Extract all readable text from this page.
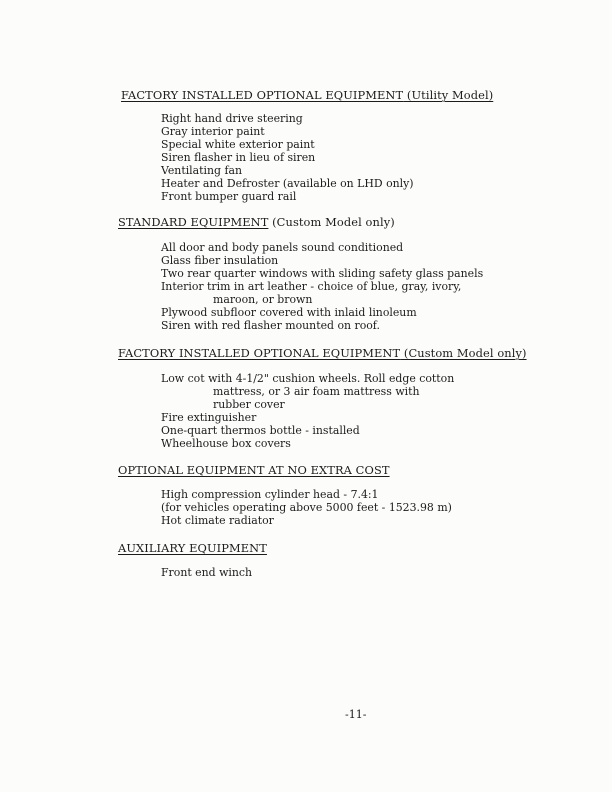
FACTORY INSTALLED OPTIONAL EQUIPMENT (Utility Model)
Right hand drive steering
Gray interior paint
Special white exterior paint
Siren flasher in lieu of siren
Ventilating fan
Heater and Defroster (available on LHD only)
Front bumper guard rail
STANDARD EQUIPMENT (Custom Model only)
All door and body panels sound conditioned
Glass fiber insulation
Two rear quarter windows with sliding safety glass panels
Interior trim in art leather - choice of blue, gray, ivory,
maroon, or brown
Plywood subfloor covered with inlaid linoleum
Siren with red flasher mounted on roof.
FACTORY INSTALLED OPTIONAL EQUIPMENT (Custom Model only)
Low cot with 4-1/2" cushion wheels. Roll edge cotton
mattress, or 3 air foam mattress with
rubber cover
Fire extinguisher
One-quart thermos bottle - installed
Wheelhouse box covers
OPTIONAL EQUIPMENT AT NO EXTRA COST
High compression cylinder head - 7.4:1
(for vehicles operating above 5000 feet - 1523.98 m)
Hot climate radiator
AUXILIARY EQUIPMENT
Front end winch
-11-
